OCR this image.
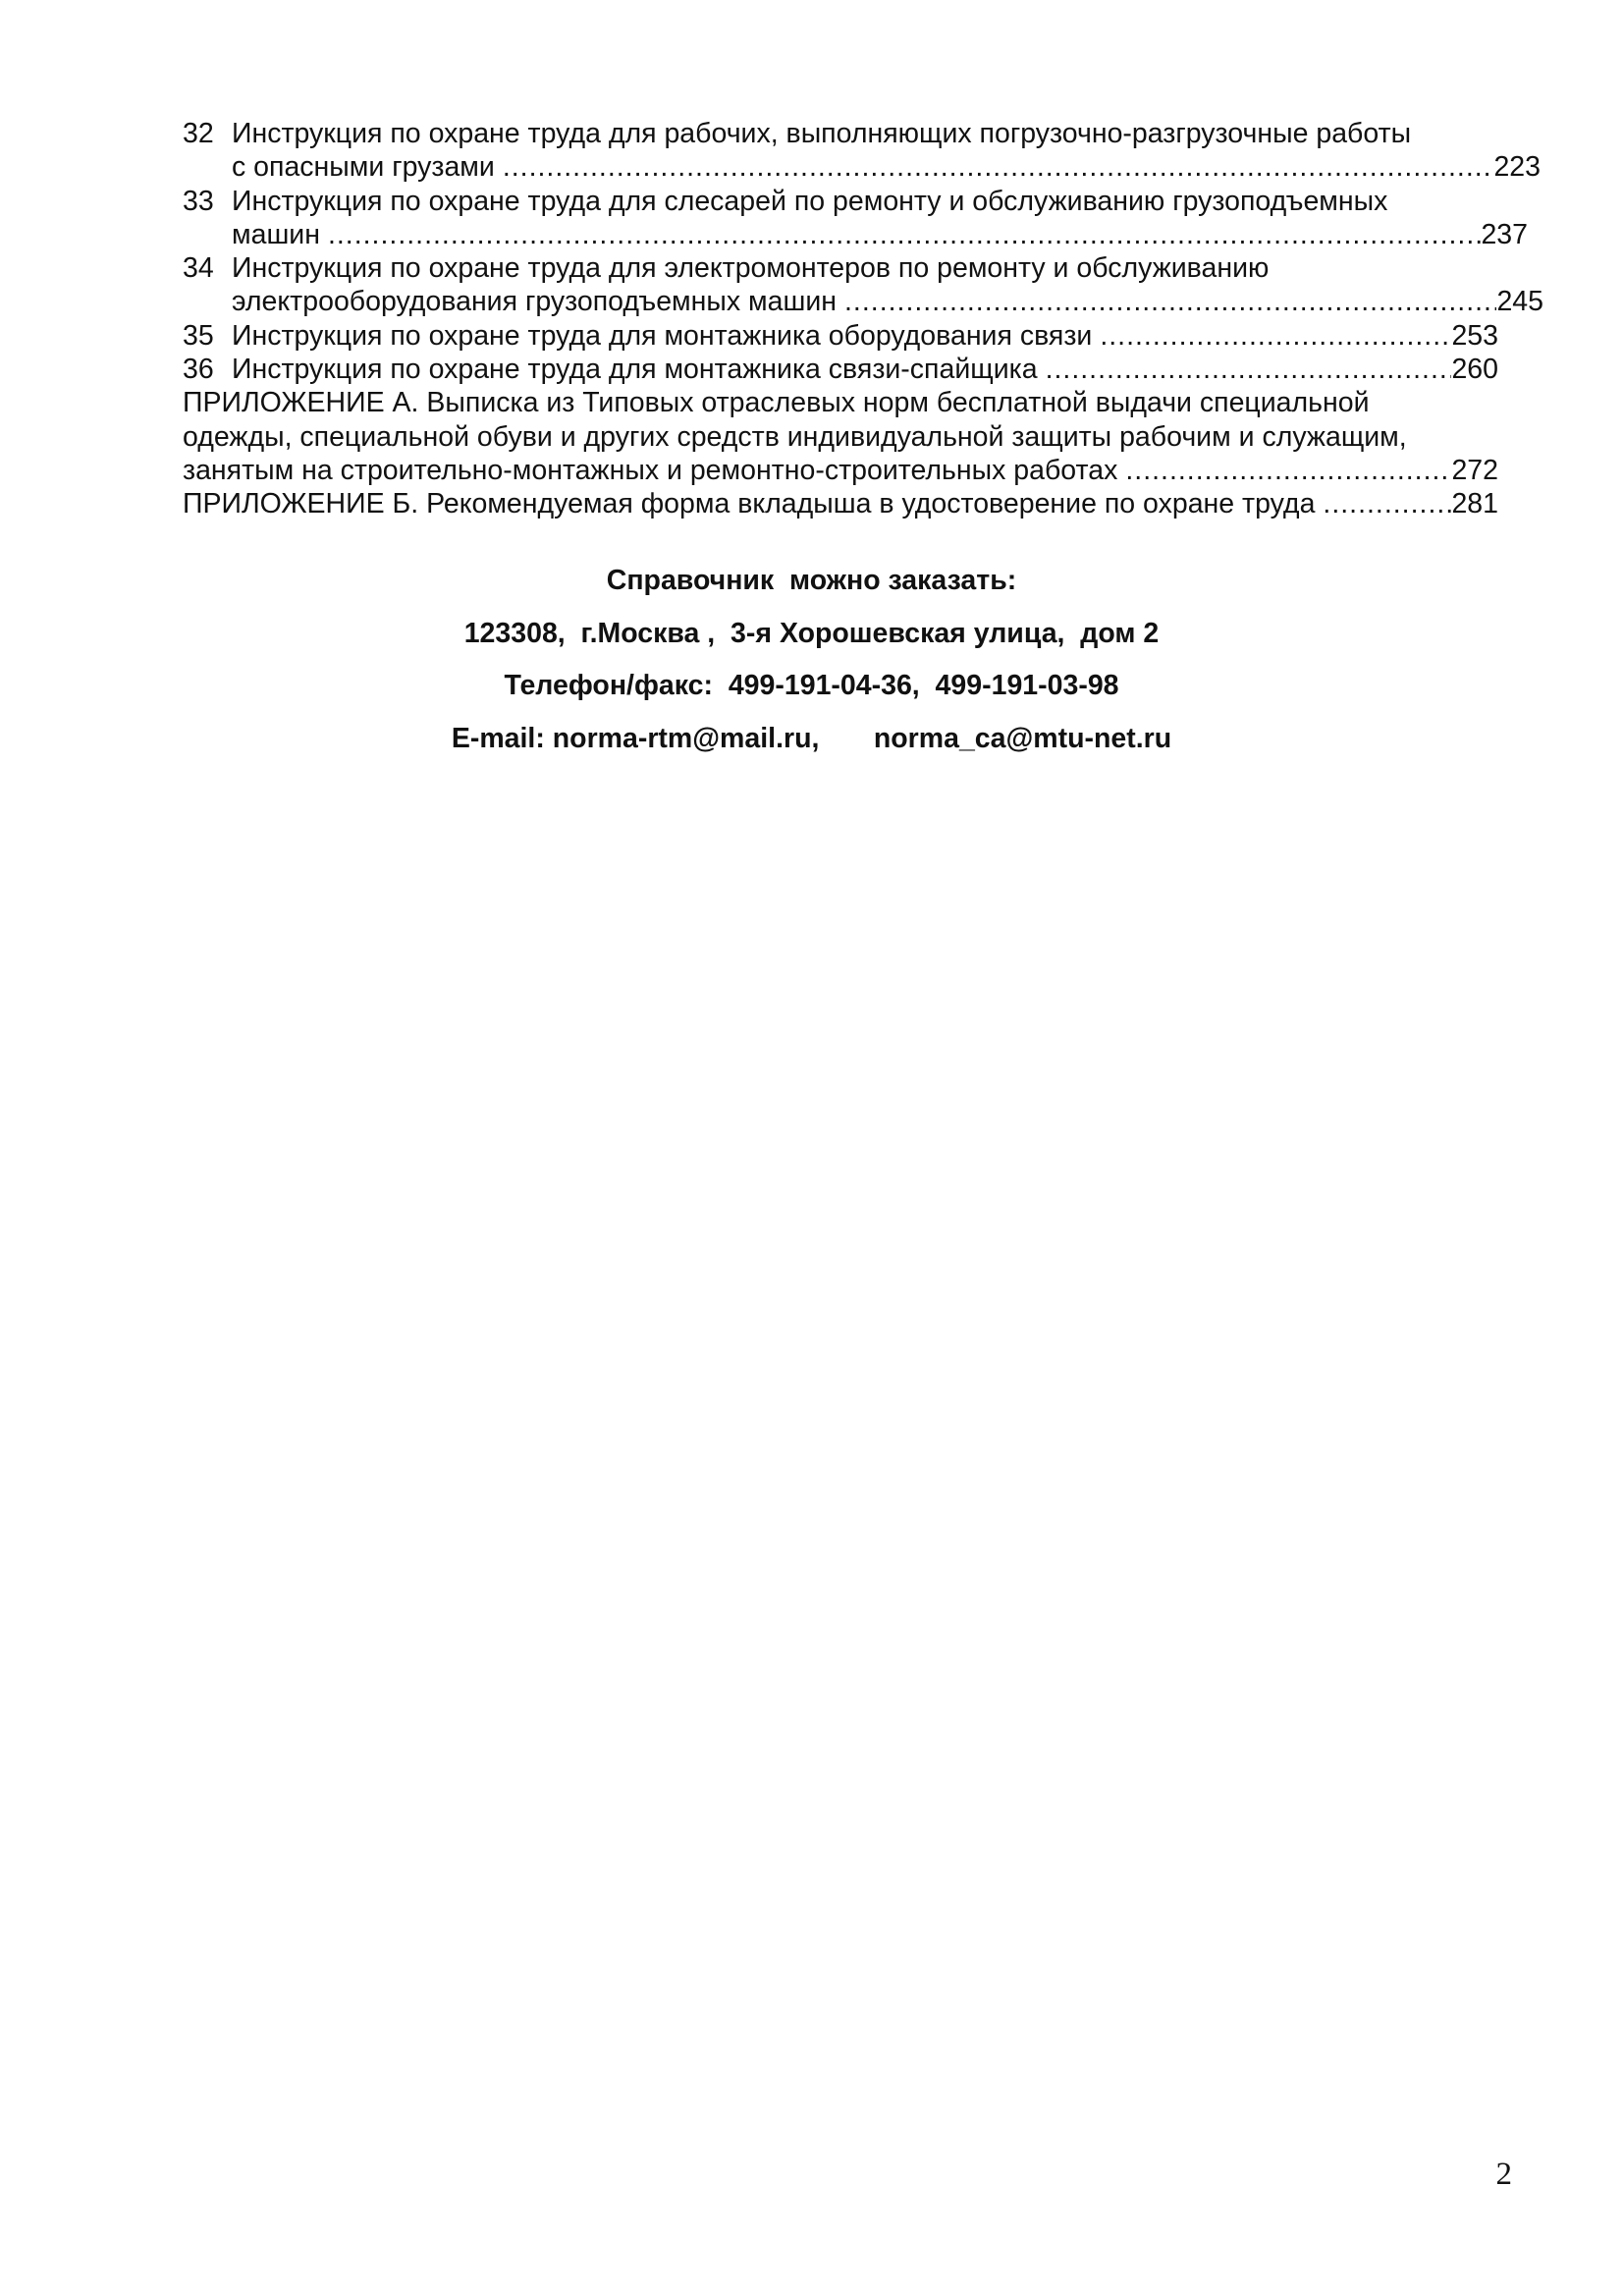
32 Инструкция по охране труда для рабочих, выполняющих погрузочно-разгрузочные работы
с опасными грузами .....	223
33 Инструкция по охране труда для слесарей по ремонту и обслуживанию грузоподъемных
машин .....	237
34 Инструкция по охране труда для электромонтеров по ремонту и обслуживанию
электрооборудования грузоподъемных машин .....	245
35 Инструкция по охране труда для монтажника оборудования связи .....	253
36 Инструкция по охране труда для монтажника связи-спайщика .....	260
ПРИЛОЖЕНИЕ А. Выписка из Типовых отраслевых норм бесплатной выдачи специальной
одежды, специальной обуви и других средств индивидуальной защиты рабочим и служащим,
занятым на строительно-монтажных и ремонтно-строительных работах .....	272
ПРИЛОЖЕНИЕ Б. Рекомендуемая форма вкладыша в удостоверение по охране труда .....	281
Справочник  можно заказать:
123308,  г.Москва ,  3-я Хорошевская улица,  дом 2
Телефон/факс:  499-191-04-36,  499-191-03-98
E-mail: norma-rtm@mail.ru,       norma_ca@mtu-net.ru
2
